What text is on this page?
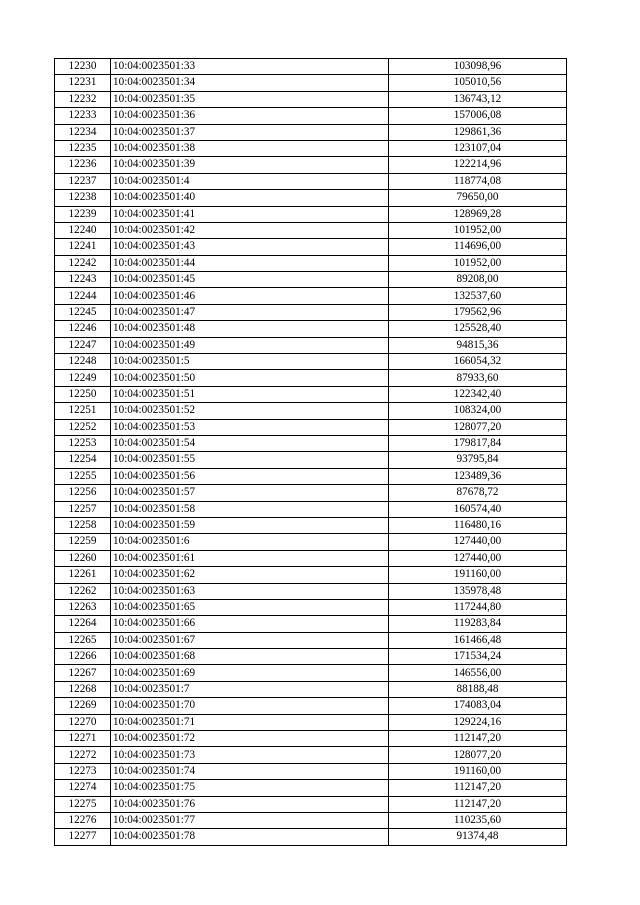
12230	10:04:0023501:33	103098,96
12231	10:04:0023501:34	105010,56
12232	10:04:0023501:35	136743,12
12233	10:04:0023501:36	157006,08
12234	10:04:0023501:37	129861,36
12235	10:04:0023501:38	123107,04
12236	10:04:0023501:39	122214,96
12237	10:04:0023501:4	118774,08
12238	10:04:0023501:40	79650,00
12239	10:04:0023501:41	128969,28
12240	10:04:0023501:42	101952,00
12241	10:04:0023501:43	114696,00
12242	10:04:0023501:44	101952,00
12243	10:04:0023501:45	89208,00
12244	10:04:0023501:46	132537,60
12245	10:04:0023501:47	179562,96
12246	10:04:0023501:48	125528,40
12247	10:04:0023501:49	94815,36
12248	10:04:0023501:5	166054,32
12249	10:04:0023501:50	87933,60
12250	10:04:0023501:51	122342,40
12251	10:04:0023501:52	108324,00
12252	10:04:0023501:53	128077,20
12253	10:04:0023501:54	179817,84
12254	10:04:0023501:55	93795,84
12255	10:04:0023501:56	123489,36
12256	10:04:0023501:57	87678,72
12257	10:04:0023501:58	160574,40
12258	10:04:0023501:59	116480,16
12259	10:04:0023501:6	127440,00
12260	10:04:0023501:61	127440,00
12261	10:04:0023501:62	191160,00
12262	10:04:0023501:63	135978,48
12263	10:04:0023501:65	117244,80
12264	10:04:0023501:66	119283,84
12265	10:04:0023501:67	161466,48
12266	10:04:0023501:68	171534,24
12267	10:04:0023501:69	146556,00
12268	10:04:0023501:7	88188,48
12269	10:04:0023501:70	174083,04
12270	10:04:0023501:71	129224,16
12271	10:04:0023501:72	112147,20
12272	10:04:0023501:73	128077,20
12273	10:04:0023501:74	191160,00
12274	10:04:0023501:75	112147,20
12275	10:04:0023501:76	112147,20
12276	10:04:0023501:77	110235,60
12277	10:04:0023501:78	91374,48
